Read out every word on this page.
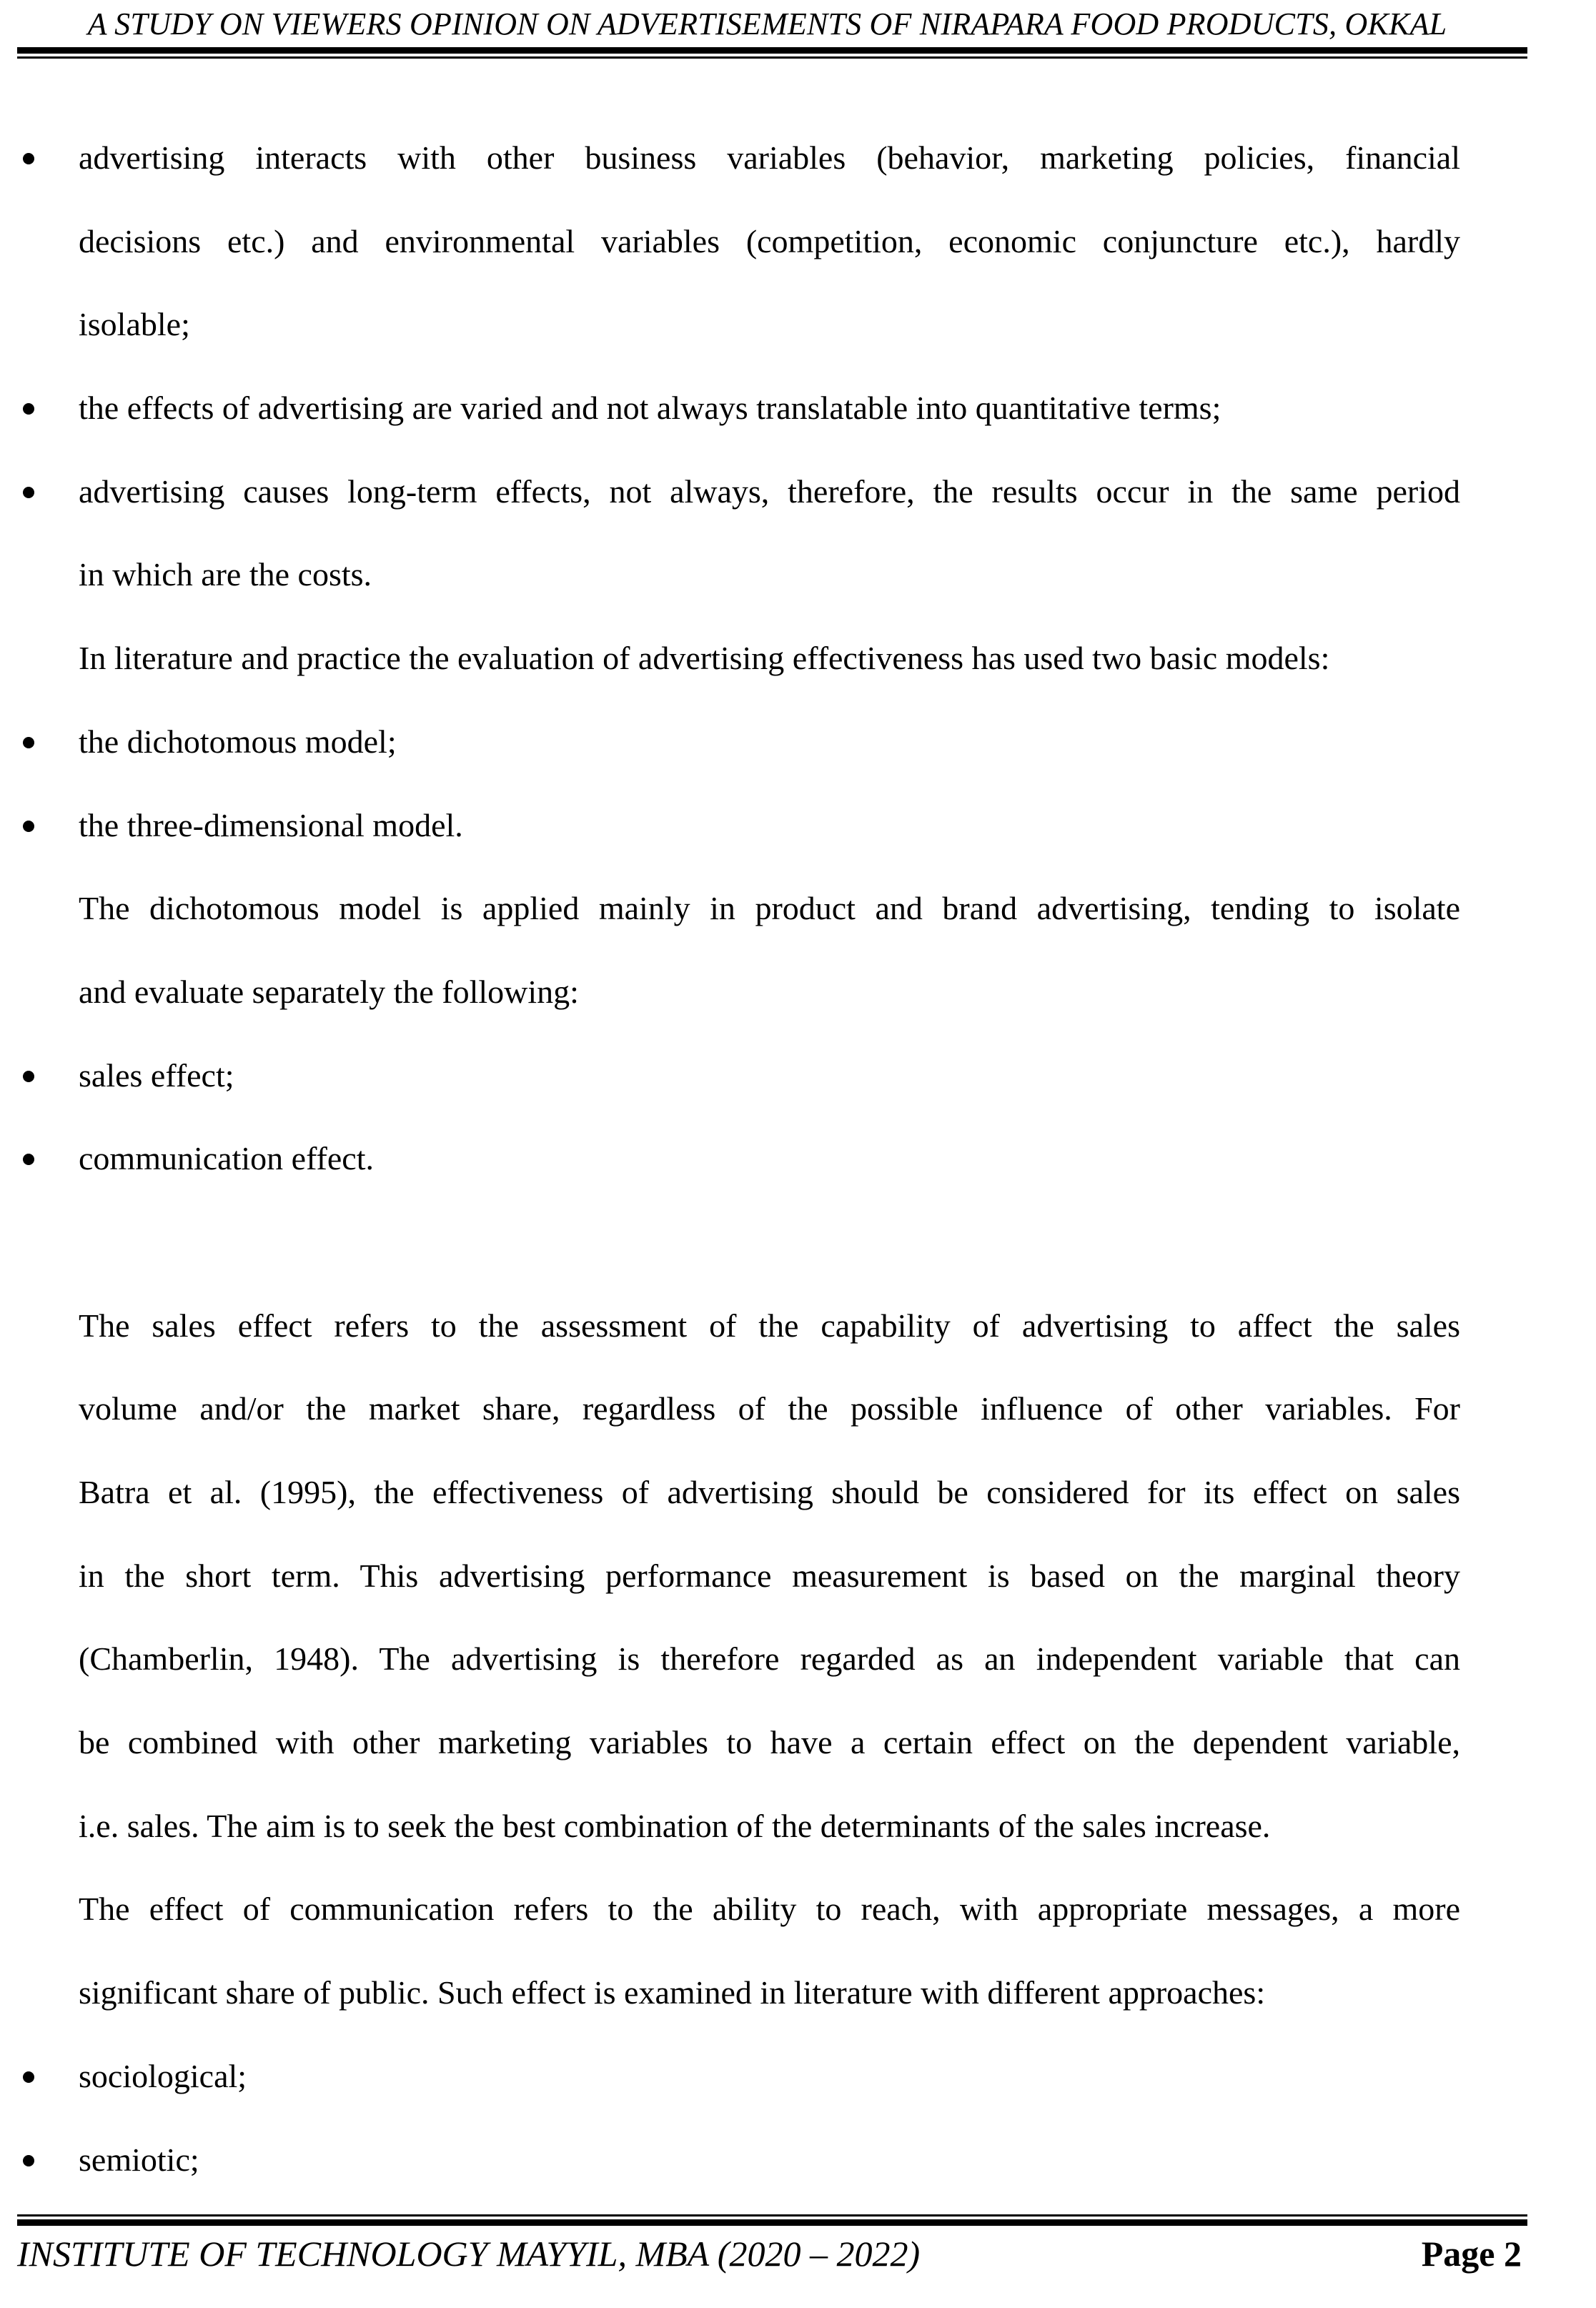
A STUDY ON VIEWERS OPINION ON ADVERTISEMENTS OF NIRAPARA FOOD PRODUCTS, OKKAL
advertising interacts with other business variables (behavior, marketing policies, financial
decisions etc.) and environmental variables (competition, economic conjuncture etc.), hardly
isolable;
the effects of advertising are varied and not always translatable into quantitative terms;
advertising causes long-term effects, not always, therefore, the results occur in the same period
in which are the costs.
In literature and practice the evaluation of advertising effectiveness has used two basic models:
the dichotomous model;
the three-dimensional model.
The dichotomous model is applied mainly in product and brand advertising, tending to isolate
and evaluate separately the following:
sales effect;
communication effect.
The sales effect refers to the assessment of the capability of advertising to affect the sales
volume and/or the market share, regardless of the possible influence of other variables. For
Batra et al. (1995), the effectiveness of advertising should be considered for its effect on sales
in the short term. This advertising performance measurement is based on the marginal theory
(Chamberlin, 1948). The advertising is therefore regarded as an independent variable that can
be combined with other marketing variables to have a certain effect on the dependent variable,
i.e. sales. The aim is to seek the best combination of the determinants of the sales increase.
The effect of communication refers to the ability to reach, with appropriate messages, a more
significant share of public. Such effect is examined in literature with different approaches:
sociological;
semiotic;
INSTITUTE OF TECHNOLOGY MAYYIL, MBA (2020 – 2022)	Page 2
